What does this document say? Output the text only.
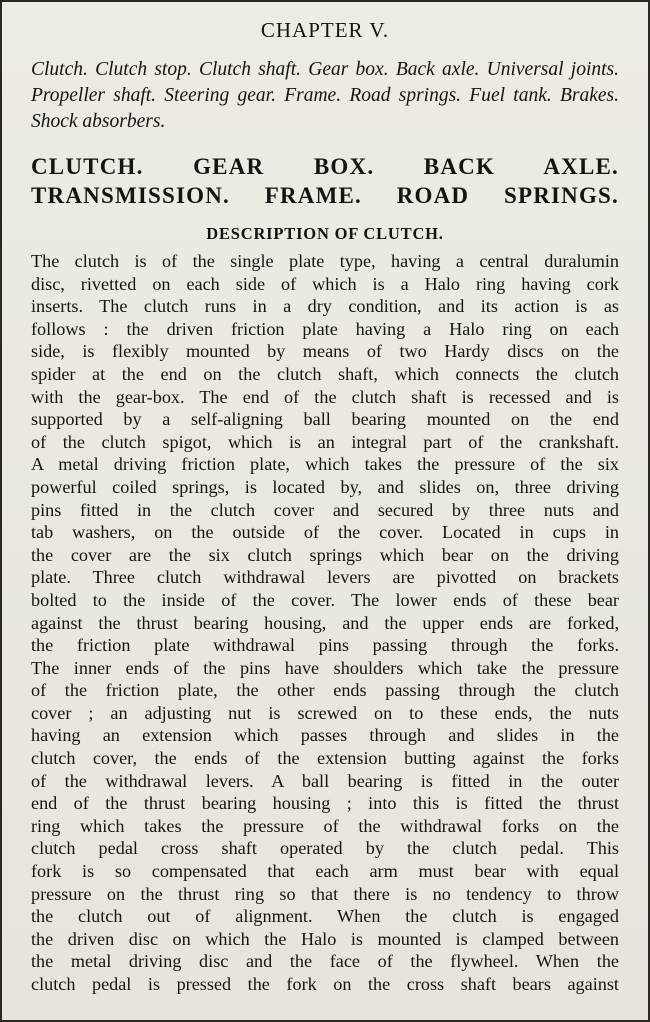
CHAPTER V.
Clutch. Clutch stop. Clutch shaft. Gear box. Back axle. Universal joints. Propeller shaft. Steering gear. Frame. Road springs. Fuel tank. Brakes. Shock absorbers.
CLUTCH. GEAR BOX. BACK AXLE.
TRANSMISSION. FRAME. ROAD SPRINGS.
DESCRIPTION OF CLUTCH.
The clutch is of the single plate type, having a central duralumin
disc, rivetted on each side of which is a Halo ring having cork
inserts. The clutch runs in a dry condition, and its action is as
follows : the driven friction plate having a Halo ring on each
side, is flexibly mounted by means of two Hardy discs on the
spider at the end on the clutch shaft, which connects the clutch
with the gear-box. The end of the clutch shaft is recessed and is
supported by a self-aligning ball bearing mounted on the end
of the clutch spigot, which is an integral part of the crankshaft.
A metal driving friction plate, which takes the pressure of the six
powerful coiled springs, is located by, and slides on, three driving
pins fitted in the clutch cover and secured by three nuts and
tab washers, on the outside of the cover. Located in cups in
the cover are the six clutch springs which bear on the driving
plate. Three clutch withdrawal levers are pivotted on brackets
bolted to the inside of the cover. The lower ends of these bear
against the thrust bearing housing, and the upper ends are forked,
the friction plate withdrawal pins passing through the forks.
The inner ends of the pins have shoulders which take the pressure
of the friction plate, the other ends passing through the clutch
cover ; an adjusting nut is screwed on to these ends, the nuts
having an extension which passes through and slides in the
clutch cover, the ends of the extension butting against the forks
of the withdrawal levers. A ball bearing is fitted in the outer
end of the thrust bearing housing ; into this is fitted the thrust
ring which takes the pressure of the withdrawal forks on the
clutch pedal cross shaft operated by the clutch pedal. This
fork is so compensated that each arm must bear with equal
pressure on the thrust ring so that there is no tendency to throw
the clutch out of alignment. When the clutch is engaged
the driven disc on which the Halo is mounted is clamped between
the metal driving disc and the face of the flywheel. When the
clutch pedal is pressed the fork on the cross shaft bears against
